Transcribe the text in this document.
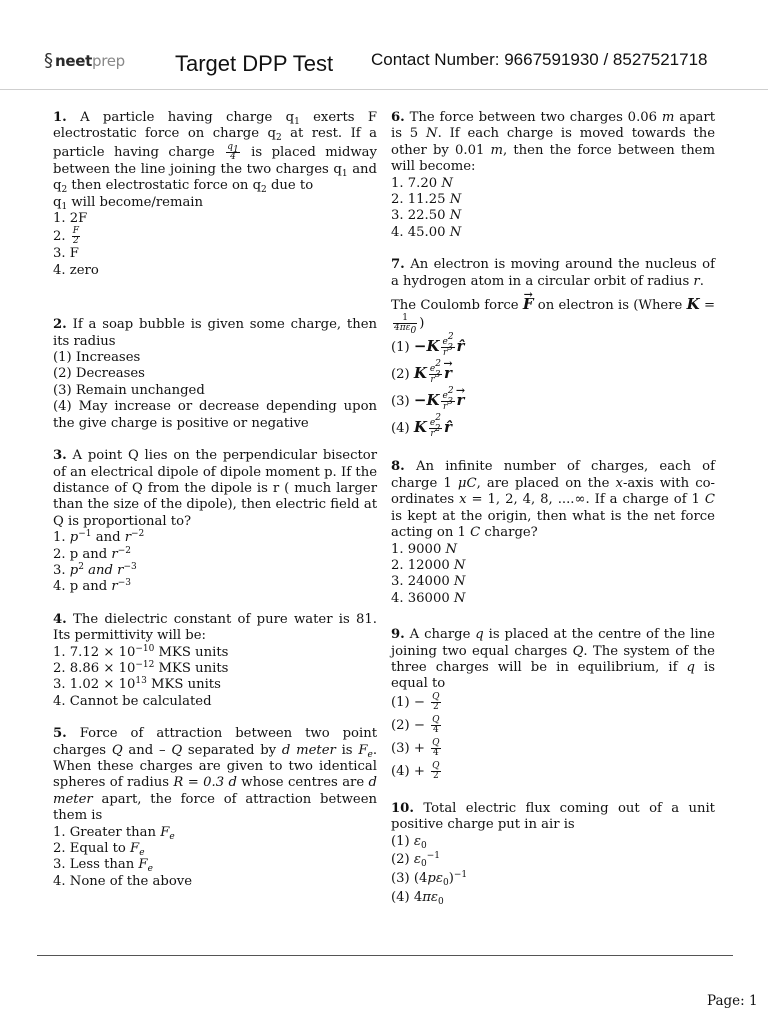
§ neet prep Target DPP Test Contact Number: 9667591930 / 8527521718

1. A particle having charge $q_1$ exerts F electrostatic force on charge $q_2$ at rest. If a particle having charge $\frac{q_1}{4}$ is placed midway between the line joining the two charges $q_1$ and $q_2$ then electrostatic force on $q_2$ due to
$q_1$ will become/remain

1. 2F

2. $\frac{F}{2}$

3. F

4. zero

2. If a soap bubble is given some charge, then its radius

(1) Increases

(2) Decreases

(3) Remain unchanged

(4) May increase or decrease depending upon the give charge is positive or negative

3. A point Q lies on the perpendicular bisector of an electrical dipole of dipole moment p. If the distance of Q from the dipole is r ( much larger than the size of the dipole), then electric field at Q is proportional to?

1. $p^{-1}$ and $r^{-2}$

2. p and $r^{-2}$

3. $p^2$ and $r^{-3}$

4. p and $r^{-3}$

4. The dielectric constant of pure water is 81. Its permittivity will be:

1. $7.12 \times 10^{-10}$ MKS units

2. $8.86 \times 10^{-12}$ MKS units

3. $1.02 \times 10^{13}$ MKS units

4. Cannot be calculated

5. Force of attraction between two point charges Q and – Q separated by d meter is $F_e$. When these charges are given to two identical spheres of radius R = 0.3 d whose centres are d meter apart, the force of attraction between them is

1. Greater than $F_e$

2. Equal to $F_e$

3. Less than $F_e$

4. None of the above

6. The force between two charges 0.06 m apart is 5 N. If each charge is moved towards the other by 0.01 m, then the force between them will become:

1. 7.20 N

2. 11.25 N

3. 22.50 N

4. 45.00 N

7. An electron is moving around the nucleus of a hydrogen atom in a circular orbit of radius r.

The Coulomb force → F on electron is (Where K =
$\frac{1}{4\pi\varepsilon_0}$ )

$(1) -K \frac{e^2}{r^3}$ r̂

(2) K $\frac{e^2}{r^3}$
→ r

$(3) -K \frac{e^2}{r^3}$
→ r

(4) K $\frac{e^2}{r^2}$ r̂

8. An infinite number of charges, each of charge 1 μC, are placed on the x-axis with co-ordinates x = 1, 2, 4, 8, ....∞. If a charge of 1 C is kept at the origin, then what is the net force acting on 1 C charge?

1. 9000 N

2. 12000 N

3. 24000 N

4. 36000 N

9. A charge q is placed at the centre of the line joining two equal charges Q. The system of the three charges will be in equilibrium, if q is equal to

$(1) - \frac{Q}{2}$

$(2) - \frac{Q}{4}$

$(3) + \frac{Q}{4}$

$(4) + \frac{Q}{2}$

10. Total electric flux coming out of a unit positive charge put in air is

(1) $\varepsilon_0$

(2) $\varepsilon_0^{-1}$

(3) $(4p\varepsilon_0)^{-1}$

(4) $4\pi\varepsilon_0$

Page: 1
